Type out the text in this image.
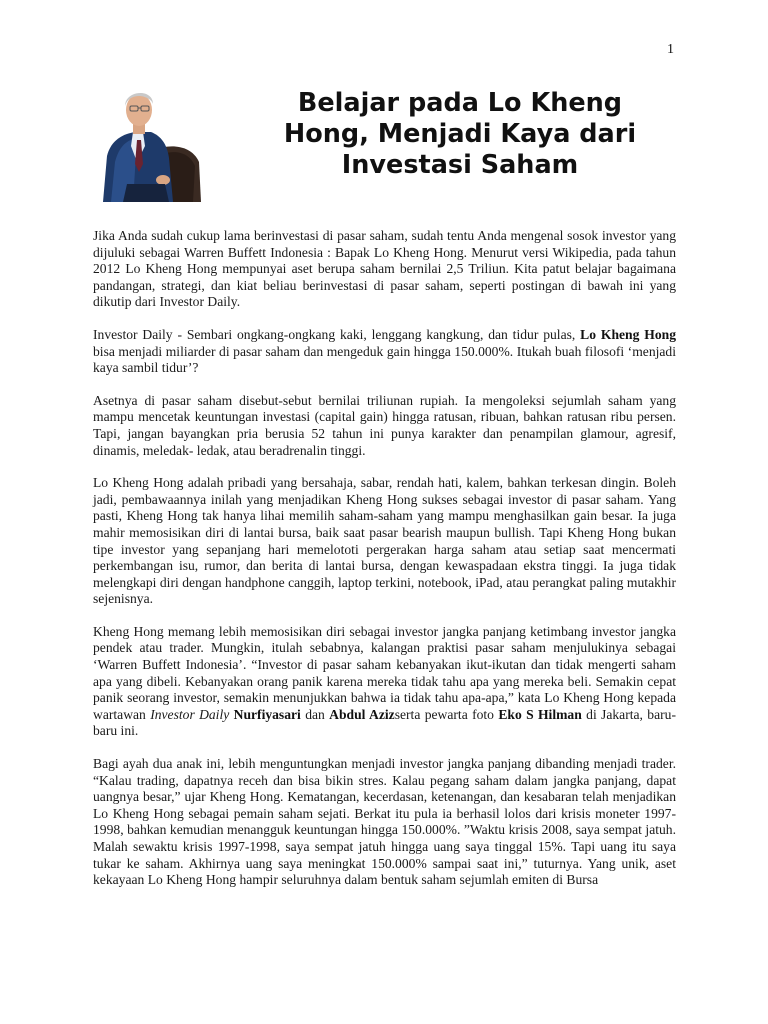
1
Belajar pada Lo Kheng Hong, Menjadi Kaya dari Investasi Saham

Jika Anda sudah cukup lama berinvestasi di pasar saham, sudah tentu Anda mengenal sosok investor yang dijuluki sebagai Warren Buffett Indonesia : Bapak Lo Kheng Hong. Menurut versi Wikipedia, pada tahun 2012 Lo Kheng Hong mempunyai aset berupa saham bernilai 2,5 Triliun. Kita patut belajar bagaimana pandangan, strategi, dan kiat beliau berinvestasi di pasar saham, seperti postingan di bawah ini yang dikutip dari Investor Daily.

Investor Daily - Sembari ongkang-ongkang kaki, lenggang kangkung, dan tidur pulas, Lo Kheng Hong bisa menjadi miliarder di pasar saham dan mengeduk gain hingga 150.000%. Itukah buah filosofi ‘menjadi kaya sambil tidur’?

Asetnya di pasar saham disebut-sebut bernilai triliunan rupiah. Ia mengoleksi sejumlah saham yang mampu mencetak keuntungan investasi (capital gain) hingga ratusan, ribuan, bahkan ratusan ribu persen. Tapi, jangan bayangkan pria berusia 52 tahun ini punya karakter dan penampilan glamour, agresif, dinamis, meledak- ledak, atau beradrenalin tinggi.

Lo Kheng Hong adalah pribadi yang bersahaja, sabar, rendah hati, kalem, bahkan terkesan dingin. Boleh jadi, pembawaannya inilah yang menjadikan Kheng Hong sukses sebagai investor di pasar saham. Yang pasti, Kheng Hong tak hanya lihai memilih saham-saham yang mampu menghasilkan gain besar. Ia juga mahir memosisikan diri di lantai bursa, baik saat pasar bearish maupun bullish. Tapi Kheng Hong bukan tipe investor yang sepanjang hari memelototi pergerakan harga saham atau setiap saat mencermati perkembangan isu, rumor, dan berita di lantai bursa, dengan kewaspadaan ekstra tinggi. Ia juga tidak melengkapi diri dengan handphone canggih, laptop terkini, notebook, iPad, atau perangkat paling mutakhir sejenisnya.

Kheng Hong memang lebih memosisikan diri sebagai investor jangka panjang ketimbang investor jangka pendek atau trader. Mungkin, itulah sebabnya, kalangan praktisi pasar saham menjulukinya sebagai ‘Warren Buffett Indonesia’. “Investor di pasar saham kebanyakan ikut-ikutan dan tidak mengerti saham apa yang dibeli. Kebanyakan orang panik karena mereka tidak tahu apa yang mereka beli. Semakin cepat panik seorang investor, semakin menunjukkan bahwa ia tidak tahu apa-apa,” kata Lo Kheng Hong kepada wartawan Investor Daily Nurfiyasari dan Abdul Azizserta pewarta foto Eko S Hilman di Jakarta, baru-baru ini.

Bagi ayah dua anak ini, lebih menguntungkan menjadi investor jangka panjang dibanding menjadi trader. “Kalau trading, dapatnya receh dan bisa bikin stres. Kalau pegang saham dalam jangka panjang, dapat uangnya besar,” ujar Kheng Hong. Kematangan, kecerdasan, ketenangan, dan kesabaran telah menjadikan Lo Kheng Hong sebagai pemain saham sejati. Berkat itu pula ia berhasil lolos dari krisis moneter 1997- 1998, bahkan kemudian menangguk keuntungan hingga 150.000%. ”Waktu krisis 2008, saya sempat jatuh. Malah sewaktu krisis 1997-1998, saya sempat jatuh hingga uang saya tinggal 15%. Tapi uang itu saya tukar ke saham. Akhirnya uang saya meningkat 150.000% sampai saat ini,” tuturnya. Yang unik, aset kekayaan Lo Kheng Hong hampir seluruhnya dalam bentuk saham sejumlah emiten di Bursa
